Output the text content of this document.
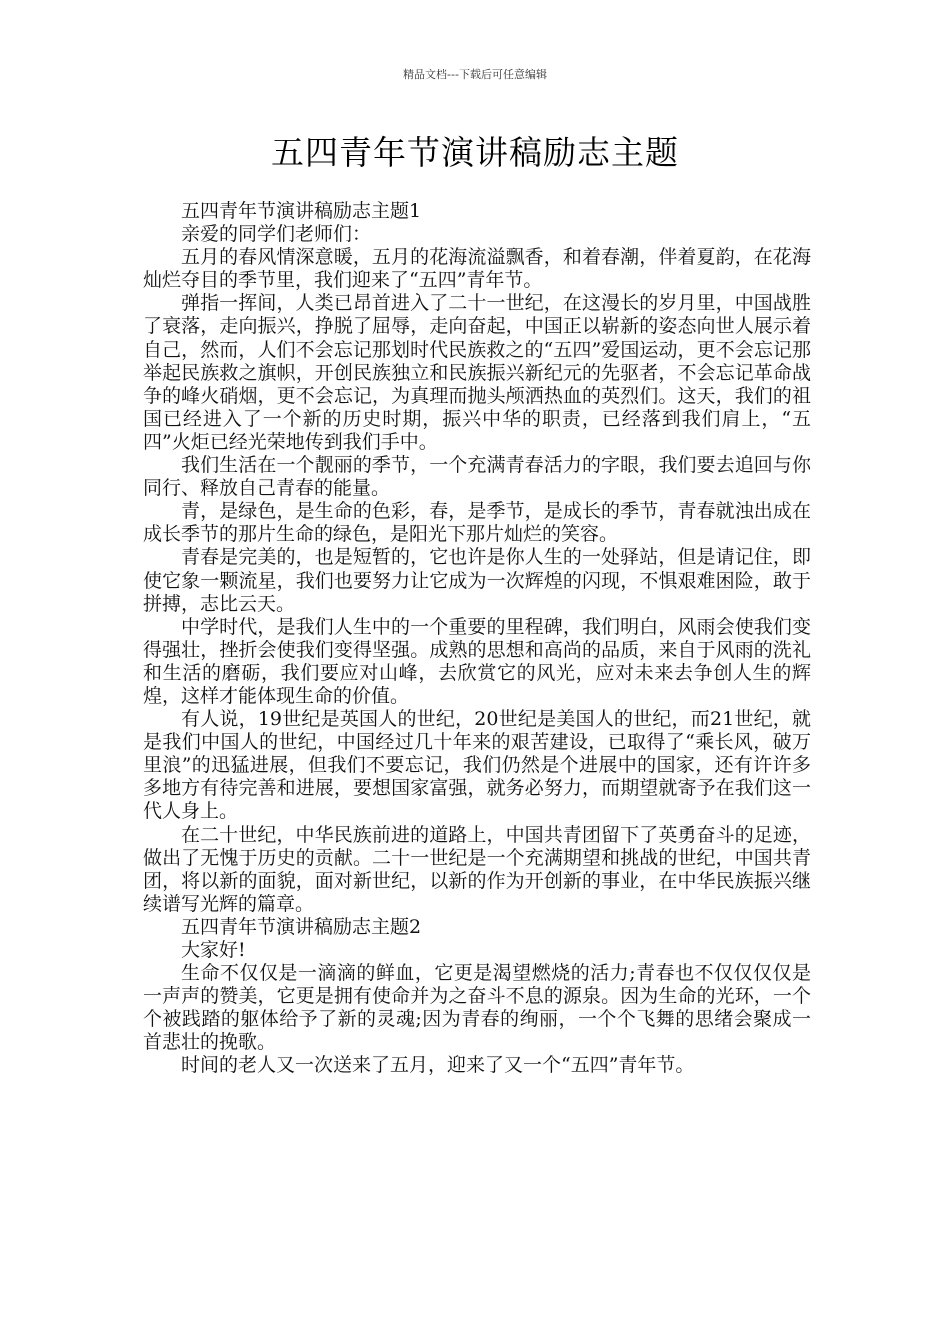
精品文档---下载后可任意编辑
五四青年节演讲稿励志主题

五四青年节演讲稿励志主题1

亲爱的同学们老师们：

五月的春风情深意暖，五月的花海流溢飘香，和着春潮，伴着夏韵，在花海灿烂夺目的季节里，我们迎来了“五四”青年节。

弹指一挥间，人类已昂首进入了二十一世纪，在这漫长的岁月里，中国战胜了衰落，走向振兴，挣脱了屈辱，走向奋起，中国正以崭新的姿态向世人展示着自己，然而，人们不会忘记那划时代民族救之的“五四”爱国运动，更不会忘记那举起民族救之旗帜，开创民族独立和民族振兴新纪元的先驱者，不会忘记革命战争的峰火硝烟，更不会忘记，为真理而抛头颅洒热血的英烈们。这天，我们的祖国已经进入了一个新的历史时期，振兴中华的职责，已经落到我们肩上，“五四”火炬已经光荣地传到我们手中。

我们生活在一个靓丽的季节，一个充满青春活力的字眼，我们要去追回与你同行、释放自己青春的能量。

青，是绿色，是生命的色彩，春，是季节，是成长的季节，青春就浊出成在成长季节的那片生命的绿色，是阳光下那片灿烂的笑容。

青春是完美的，也是短暂的，它也许是你人生的一处驿站，但是请记住，即使它象一颗流星，我们也要努力让它成为一次辉煌的闪现，不惧艰难困险，敢于拼搏，志比云天。

中学时代，是我们人生中的一个重要的里程碑，我们明白，风雨会使我们变得强壮，挫折会使我们变得坚强。成熟的思想和高尚的品质，来自于风雨的洗礼和生活的磨砺，我们要应对山峰，去欣赏它的风光，应对未来去争创人生的辉煌，这样才能体现生命的价值。

有人说，19世纪是英国人的世纪，20世纪是美国人的世纪，而21世纪，就是我们中国人的世纪，中国经过几十年来的艰苦建设，已取得了“乘长风，破万里浪”的迅猛进展，但我们不要忘记，我们仍然是个进展中的国家，还有许许多多地方有待完善和进展，要想国家富强，就务必努力，而期望就寄予在我们这一代人身上。

在二十世纪，中华民族前进的道路上，中国共青团留下了英勇奋斗的足迹，做出了无愧于历史的贡献。二十一世纪是一个充满期望和挑战的世纪，中国共青团，将以新的面貌，面对新世纪，以新的作为开创新的事业，在中华民族振兴继续谱写光辉的篇章。

五四青年节演讲稿励志主题2

大家好!

生命不仅仅是一滴滴的鲜血，它更是渴望燃烧的活力;青春也不仅仅仅仅是一声声的赞美，它更是拥有使命并为之奋斗不息的源泉。因为生命的光环，一个个被践踏的躯体给予了新的灵魂;因为青春的绚丽，一个个飞舞的思绪会聚成一首悲壮的挽歌。

时间的老人又一次送来了五月，迎来了又一个“五四”青年节。
